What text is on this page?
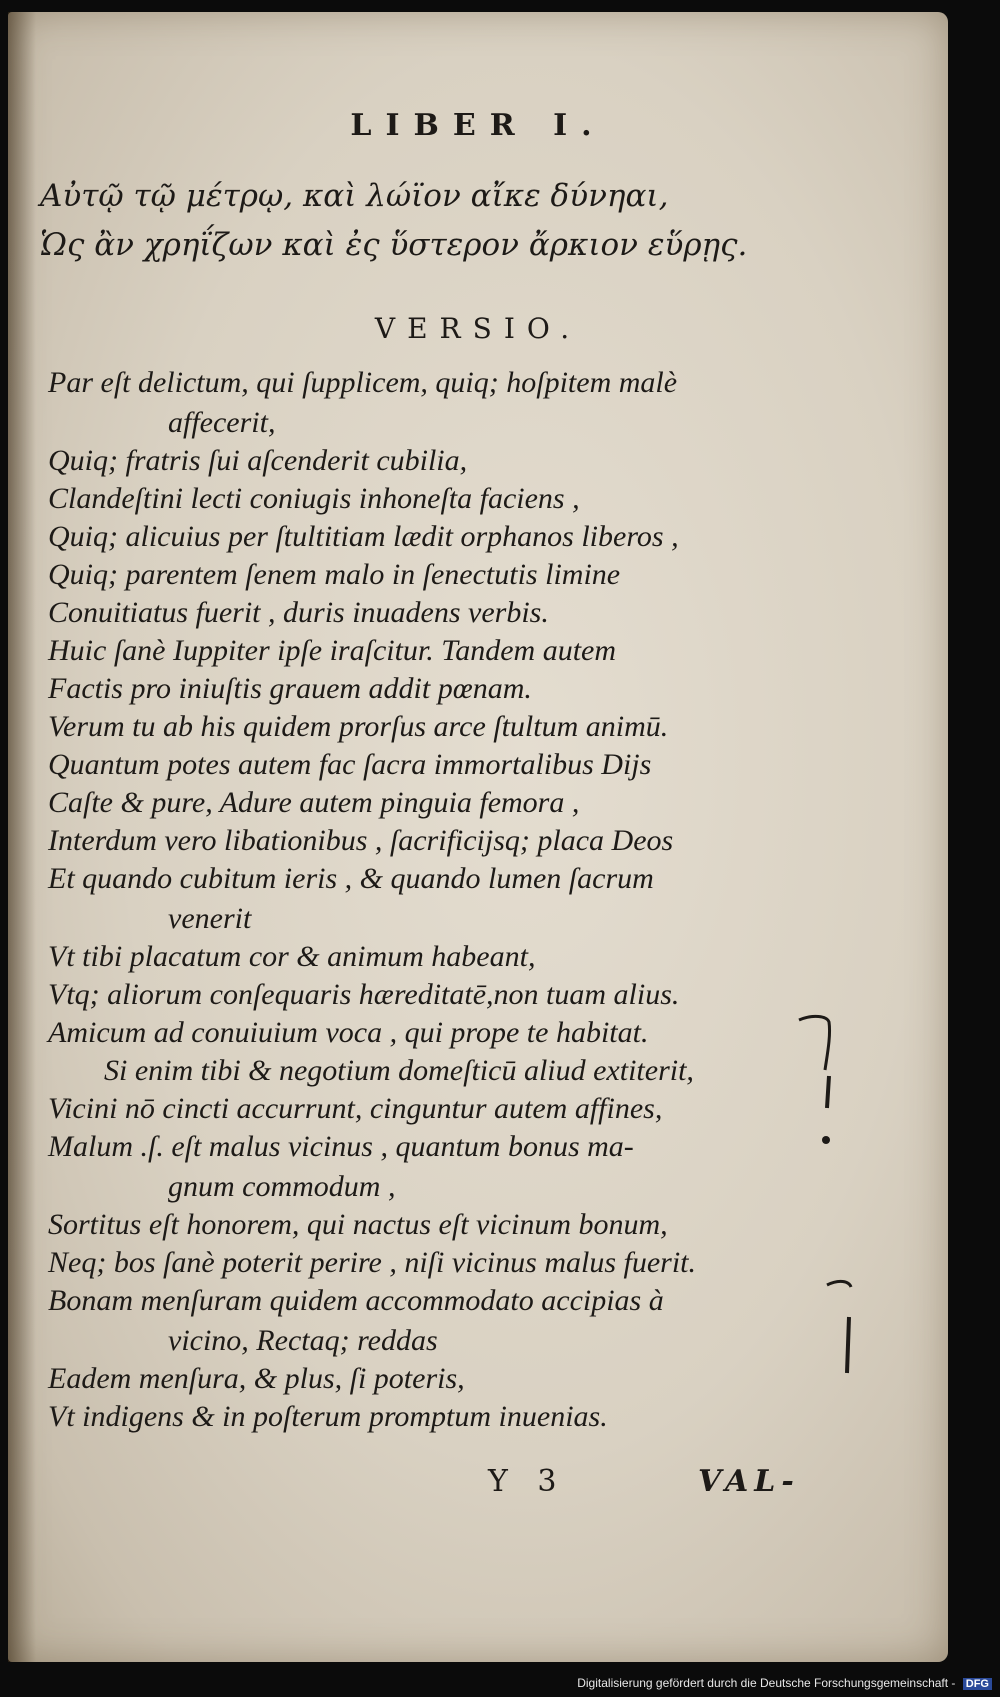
LIBER I.
Αὐτῷ τῷ μέτρῳ, καὶ λώϊον αἴκε δύνηαι,
Ὡς ἂν χρηΐζων καὶ ἐς ὕστερον ἄρκιον εὕρῃς.
VERSIO.
Par eſt delictum, qui ſupplicem, quiq; hoſpitem malè
affecerit,
Quiq; fratris ſui aſcenderit cubilia,
Clandeſtini lecti coniugis inhoneſta faciens ,
Quiq; alicuius per ſtultitiam lædit orphanos liberos ,
Quiq; parentem ſenem malo in ſenectutis limine
Conuitiatus fuerit , duris inuadens verbis.
Huic ſanè Iuppiter ipſe iraſcitur. Tandem autem
Factis pro iniuſtis grauem addit pœnam.
Verum tu ab his quidem prorſus arce ſtultum animū.
Quantum potes autem fac ſacra immortalibus Dijs
Caſte & pure, Adure autem pinguia femora ,
Interdum vero libationibus , ſacrificijsq; placa Deos
Et quando cubitum ieris , & quando lumen ſacrum
venerit
Vt tibi placatum cor & animum habeant,
Vtq; aliorum conſequaris hæreditatē,non tuam alius.
Amicum ad conuiuium voca , qui prope te habitat.
Si enim tibi & negotium domeſticū aliud extiterit,
Vicini nō cincti accurrunt, cinguntur autem affines,
Malum .ſ. eſt malus vicinus , quantum bonus ma-
gnum commodum ,
Sortitus eſt honorem, qui nactus eſt vicinum bonum,
Neq; bos ſanè poterit perire , niſi vicinus malus fuerit.
Bonam menſuram quidem accommodato accipias à
vicino, Rectaq; reddas
Eadem menſura, & plus, ſi poteris,
Vt indigens & in poſterum promptum inuenias.
Y 3	VAL-
Digitalisierung gefördert durch die Deutsche Forschungsgemeinschaft - DFG
